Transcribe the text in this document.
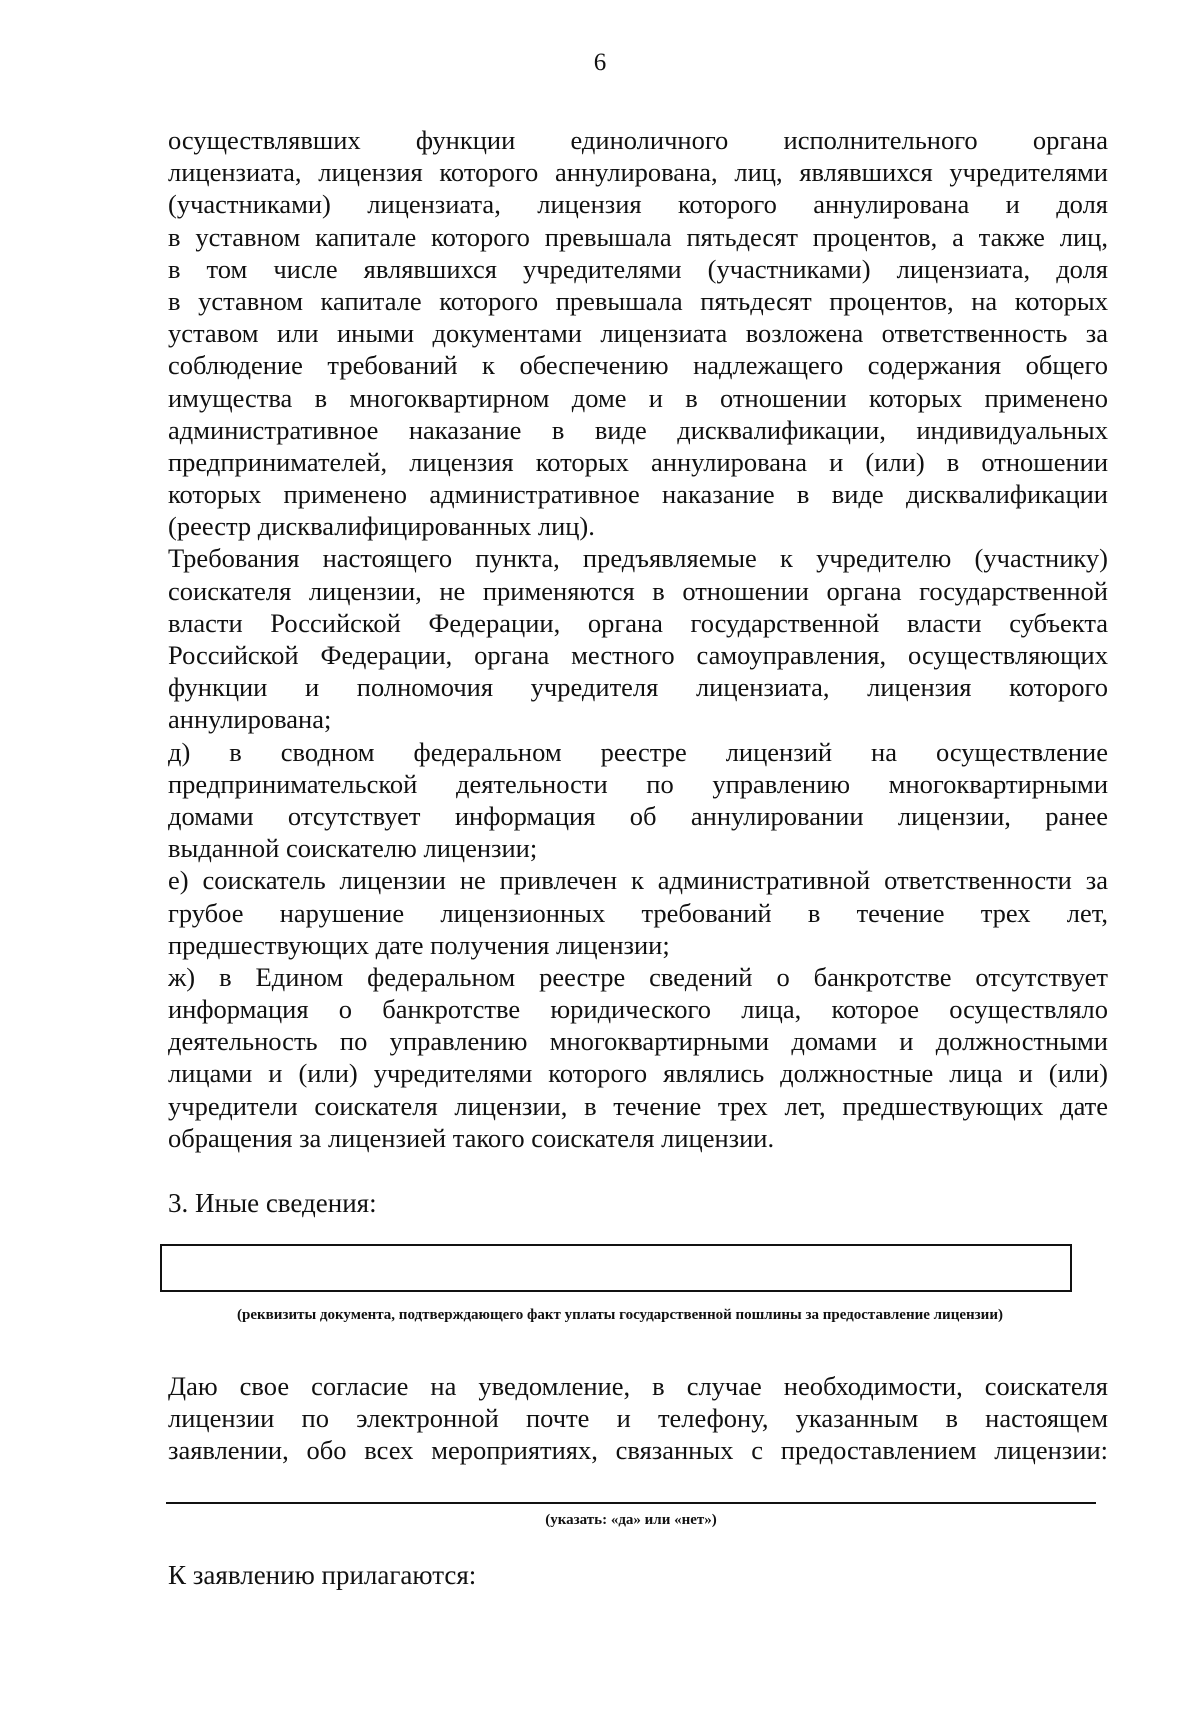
6
осуществлявших функции единоличного исполнительного органа
лицензиата, лицензия которого аннулирована, лиц, являвшихся учредителями
(участниками) лицензиата, лицензия которого аннулирована и доля
в уставном капитале которого превышала пятьдесят процентов, а также лиц,
в том числе являвшихся учредителями (участниками) лицензиата, доля
в уставном капитале которого превышала пятьдесят процентов, на которых
уставом или иными документами лицензиата возложена ответственность за
соблюдение требований к обеспечению надлежащего содержания общего
имущества в многоквартирном доме и в отношении которых применено
административное наказание в виде дисквалификации, индивидуальных
предпринимателей, лицензия которых аннулирована и (или) в отношении
которых применено административное наказание в виде дисквалификации
(реестр дисквалифицированных лиц).
Требования настоящего пункта, предъявляемые к учредителю (участнику)
соискателя лицензии, не применяются в отношении органа государственной
власти Российской Федерации, органа государственной власти субъекта
Российской Федерации, органа местного самоуправления, осуществляющих
функции и полномочия учредителя лицензиата, лицензия которого
аннулирована;
д) в сводном федеральном реестре лицензий на осуществление
предпринимательской деятельности по управлению многоквартирными
домами отсутствует информация об аннулировании лицензии, ранее
выданной соискателю лицензии;
е) соискатель лицензии не привлечен к административной ответственности за
грубое нарушение лицензионных требований в течение трех лет,
предшествующих дате получения лицензии;
ж) в Едином федеральном реестре сведений о банкротстве отсутствует
информация о банкротстве юридического лица, которое осуществляло
деятельность по управлению многоквартирными домами и должностными
лицами и (или) учредителями которого являлись должностные лица и (или)
учредители соискателя лицензии, в течение трех лет, предшествующих дате
обращения за лицензией такого соискателя лицензии.
3. Иные сведения:
(реквизиты документа, подтверждающего факт уплаты государственной пошлины за предоставление лицензии)
Даю свое согласие на уведомление, в случае необходимости, соискателя
лицензии по электронной почте и телефону, указанным в настоящем
заявлении, обо всех мероприятиях, связанных с предоставлением лицензии:
(указать: «да» или «нет»)
К заявлению прилагаются:
